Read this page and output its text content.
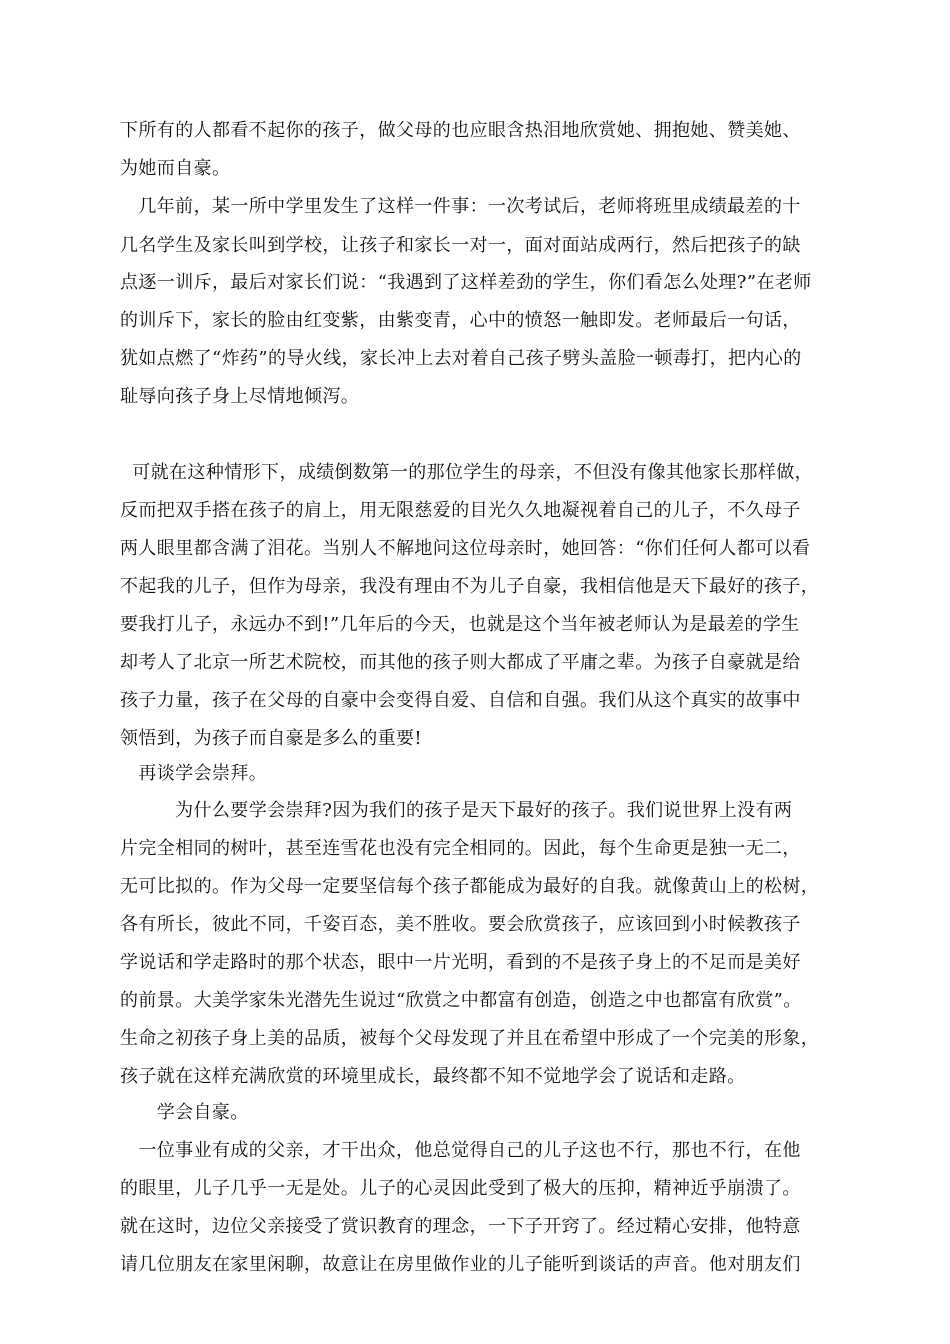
下所有的人都看不起你的孩子，做父母的也应眼含热泪地欣赏她、拥抱她、赞美她、
为她而自豪。
几年前，某一所中学里发生了这样一件事：一次考试后，老师将班里成绩最差的十
几名学生及家长叫到学校，让孩子和家长一对一，面对面站成两行，然后把孩子的缺
点逐一训斥，最后对家长们说：“我遇到了这样差劲的学生，你们看怎么处理?”在老师
的训斥下，家长的脸由红变紫，由紫变青，心中的愤怒一触即发。老师最后一句话，
犹如点燃了“炸药”的导火线，家长冲上去对着自己孩子劈头盖脸一顿毒打，把内心的
耻辱向孩子身上尽情地倾泻。
可就在这种情形下，成绩倒数第一的那位学生的母亲，不但没有像其他家长那样做，
反而把双手搭在孩子的肩上，用无限慈爱的目光久久地凝视着自己的儿子，不久母子
两人眼里都含满了泪花。当别人不解地问这位母亲时，她回答：“你们任何人都可以看
不起我的儿子，但作为母亲，我没有理由不为儿子自豪，我相信他是天下最好的孩子，
要我打儿子，永远办不到!”几年后的今天，也就是这个当年被老师认为是最差的学生
却考人了北京一所艺术院校，而其他的孩子则大都成了平庸之辈。为孩子自豪就是给
孩子力量，孩子在父母的自豪中会变得自爱、自信和自强。我们从这个真实的故事中
领悟到，为孩子而自豪是多么的重要!
再谈学会崇拜。
为什么要学会崇拜?因为我们的孩子是天下最好的孩子。我们说世界上没有两
片完全相同的树叶，甚至连雪花也没有完全相同的。因此，每个生命更是独一无二，
无可比拟的。作为父母一定要坚信每个孩子都能成为最好的自我。就像黄山上的松树，
各有所长，彼此不同，千姿百态，美不胜收。要会欣赏孩子，应该回到小时候教孩子
学说话和学走路时的那个状态，眼中一片光明，看到的不是孩子身上的不足而是美好
的前景。大美学家朱光潜先生说过“欣赏之中都富有创造，创造之中也都富有欣赏”。
生命之初孩子身上美的品质，被每个父母发现了并且在希望中形成了一个完美的形象，
孩子就在这样充满欣赏的环境里成长，最终都不知不觉地学会了说话和走路。
学会自豪。
一位事业有成的父亲，才干出众，他总觉得自己的儿子这也不行，那也不行，在他
的眼里，儿子几乎一无是处。儿子的心灵因此受到了极大的压抑，精神近乎崩溃了。
就在这时，边位父亲接受了赏识教育的理念，一下子开窍了。经过精心安排，他特意
请几位朋友在家里闲聊，故意让在房里做作业的儿子能听到谈话的声音。他对朋友们
